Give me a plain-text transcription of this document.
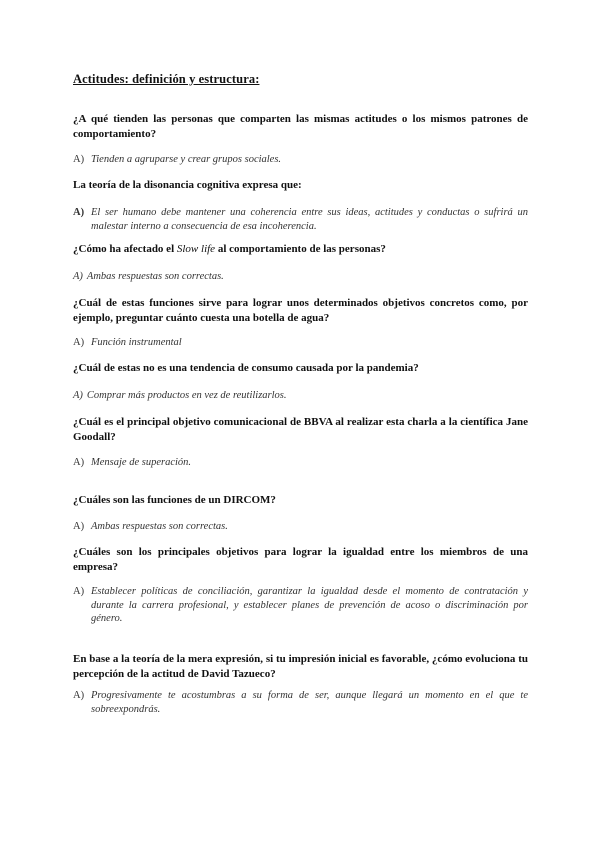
Actitudes: definición y estructura:
¿A qué tienden las personas que comparten las mismas actitudes o los mismos patrones de comportamiento?
A) Tienden a agruparse y crear grupos sociales.
La teoría de la disonancia cognitiva expresa que:
A) El ser humano debe mantener una coherencia entre sus ideas, actitudes y conductas o sufrirá un malestar interno a consecuencia de esa incoherencia.
¿Cómo ha afectado el Slow life al comportamiento de las personas?
A) Ambas respuestas son correctas.
¿Cuál de estas funciones sirve para lograr unos determinados objetivos concretos como, por ejemplo, preguntar cuánto cuesta una botella de agua?
A) Función instrumental
¿Cuál de estas no es una tendencia de consumo causada por la pandemia?
A) Comprar más productos en vez de reutilizarlos.
¿Cuál es el principal objetivo comunicacional de BBVA al realizar esta charla a la científica Jane Goodall?
A) Mensaje de superación.
¿Cuáles son las funciones de un DIRCOM?
A) Ambas respuestas son correctas.
¿Cuáles son los principales objetivos para lograr la igualdad entre los miembros de una empresa?
A) Establecer políticas de conciliación, garantizar la igualdad desde el momento de contratación y durante la carrera profesional, y establecer planes de prevención de acoso o discriminación por género.
En base a la teoría de la mera expresión, si tu impresión inicial es favorable, ¿cómo evoluciona tu percepción de la actitud de David Tazueco?
A) Progresivamente te acostumbras a su forma de ser, aunque llegará un momento en el que te sobreexpondrás.
